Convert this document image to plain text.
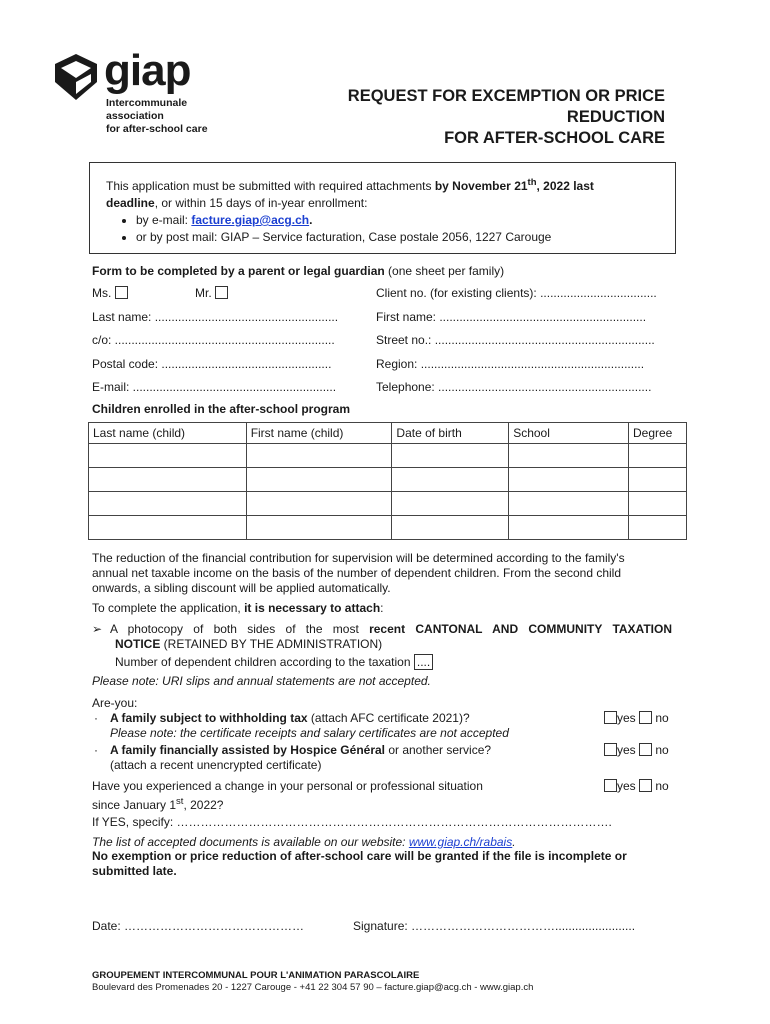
giap
Intercommunale
association
for after-school care
REQUEST FOR EXCEMPTION OR PRICE
REDUCTION
FOR AFTER-SCHOOL CARE
This application must be submitted with required attachments by November 21th, 2022 last
deadline, or within 15 days of in-year enrollment:
• by e-mail: facture.giap@acg.ch.
• or by post mail: GIAP – Service facturation, Case postale 2056, 1227 Carouge
Form to be completed by a parent or legal guardian (one sheet per family)
Ms.	Mr.	Client no. (for existing clients): ...................................
Last name: .......................................................	First name: ..............................................................
c/o: ..................................................................	Street no.: ..................................................................
Postal code: ...................................................	Region: ...................................................................
E-mail: .............................................................	Telephone: ................................................................
Children enrolled in the after-school program
Last name (child)	First name (child)	Date of birth	School	Degree

The reduction of the financial contribution for supervision will be determined according to the family's
annual net taxable income on the basis of the number of dependent children. From the second child
onwards, a sibling discount will be applied automatically.
To complete the application, it is necessary to attach:
➢ A photocopy of both sides of the most recent CANTONAL AND COMMUNITY TAXATION
NOTICE (RETAINED BY THE ADMINISTRATION)
Number of dependent children according to the taxation ....
Please note: URI slips and annual statements are not accepted.
Are-you:
· A family subject to withholding tax (attach AFC certificate 2021)?
Please note: the certificate receipts and salary certificates are not accepted
yes no
· A family financially assisted by Hospice Général or another service?
(attach a recent unencrypted certificate)
yes no
Have you experienced a change in your personal or professional situation
since January 1st, 2022?
yes no
If YES, specify: ……………………………………………………………………………………………….
The list of accepted documents is available on our website: www.giap.ch/rabais.
No exemption or price reduction of after-school care will be granted if the file is incomplete or
submitted late.
Date: ………………………………………	Signature: ………………………………........................
GROUPEMENT INTERCOMMUNAL POUR L'ANIMATION PARASCOLAIRE
Boulevard des Promenades 20 - 1227 Carouge - +41 22 304 57 90 – facture.giap@acg.ch - www.giap.ch
